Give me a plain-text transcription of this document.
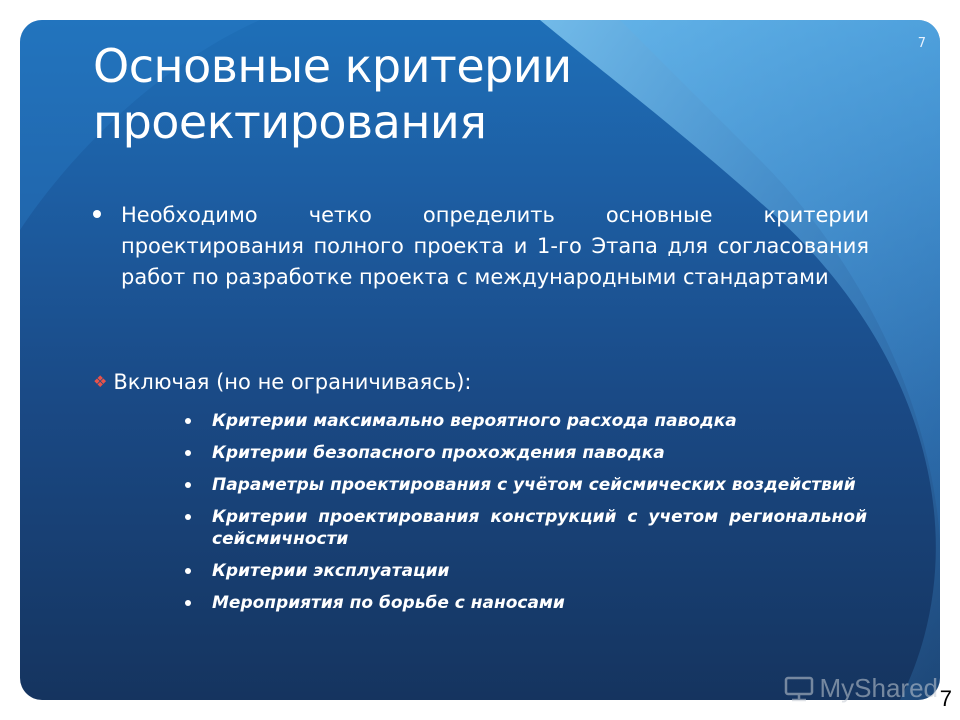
7
Основные критерии
проектирования
Необходимо четко определить основные критерии проектирования полного проекта и 1-го Этапа для согласования работ по разработке проекта с международными стандартами
❖ Включая (но не ограничиваясь):
Критерии максимально вероятного расхода паводка
Критерии безопасного прохождения паводка
Параметры проектирования с учётом сейсмических воздействий
Критерии проектирования конструкций с учетом региональной сейсмичности
Критерии эксплуатации
Мероприятия по борьбе с наносами
MyShared 7
